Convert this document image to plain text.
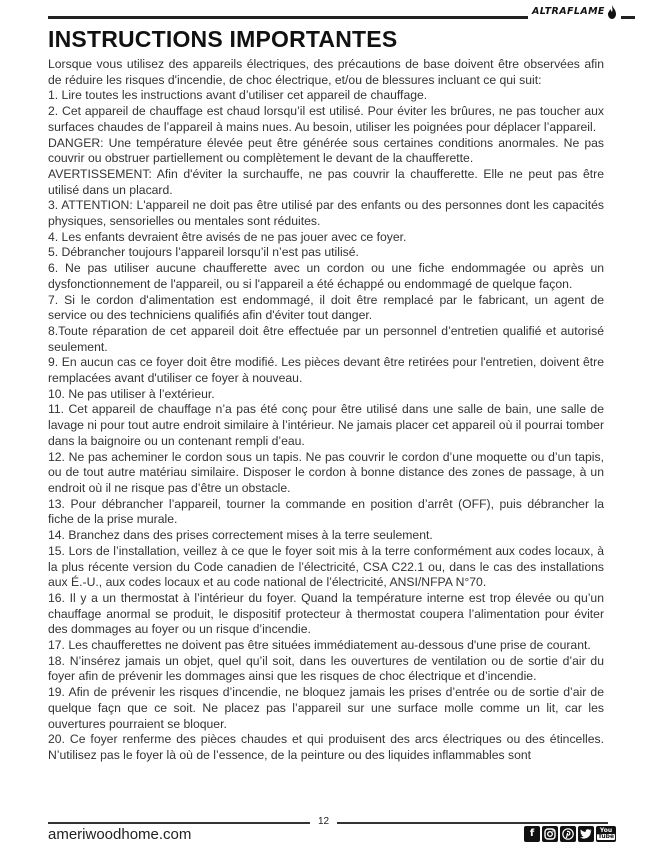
ALTRAFLAME
INSTRUCTIONS IMPORTANTES

Lorsque vous utilisez des appareils électriques, des précautions de base doivent être observées afin de réduire les risques d'incendie, de choc électrique, et/ou de blessures incluant ce qui suit:

1. Lire toutes les instructions avant d’utiliser cet appareil de chauffage.

2. Cet appareil de chauffage est chaud lorsqu’il est utilisé. Pour éviter les brûures, ne pas toucher aux surfaces chaudes de l’appareil à mains nues. Au besoin, utiliser les poignées pour déplacer l’appareil.

DANGER: Une température élevée peut être générée sous certaines conditions anormales. Ne pas couvrir ou obstruer partiellement ou complètement le devant de la chaufferette.

AVERTISSEMENT: Afin d'éviter la surchauffe, ne pas couvrir la chaufferette. Elle ne peut pas être utilisé dans un placard.

3. ATTENTION: L'appareil ne doit pas être utilisé par des enfants ou des personnes dont les capacités physiques, sensorielles ou mentales sont réduites.

4. Les enfants devraient être avisés de ne pas jouer avec ce foyer.

5. Débrancher toujours l’appareil lorsqu’il n’est pas utilisé.

6. Ne pas utiliser aucune chaufferette avec un cordon ou une fiche endommagée ou après un dysfonctionnement de l'appareil, ou si l'appareil a été échappé ou endommagé de quelque façon.

7. Si le cordon d'alimentation est endommagé, il doit être remplacé par le fabricant, un agent de service ou des techniciens qualifiés afin d'éviter tout danger.

8.Toute réparation de cet appareil doit être effectuée par un personnel d’entretien qualifié et autorisé seulement.

9. En aucun cas ce foyer doit être modifié. Les pièces devant être retirées pour l'entretien, doivent être remplacées avant d'utiliser ce foyer à nouveau.

10. Ne pas utiliser à l’extérieur.

11. Cet appareil de chauffage n’a pas été conç pour être utilisé dans une salle de bain, une salle de lavage ni pour tout autre endroit similaire à l’intérieur. Ne jamais placer cet appareil où il pourrai tomber dans la baignoire ou un contenant rempli d’eau.

12. Ne pas acheminer le cordon sous un tapis. Ne pas couvrir le cordon d’une moquette ou d’un tapis, ou de tout autre matériau similaire. Disposer le cordon à bonne distance des zones de passage, à un endroit où il ne risque pas d’être un obstacle.

13. Pour débrancher l’appareil, tourner la commande en position d’arrêt (OFF), puis débrancher la fiche de la prise murale.

14. Branchez dans des prises correctement mises à la terre seulement.

15. Lors de l’installation, veillez à ce que le foyer soit mis à la terre conformément aux codes locaux, à la plus récente version du Code canadien de l’électricité, CSA C22.1 ou, dans le cas des installations aux É.-U., aux codes locaux et au code national de l’électricité, ANSI/NFPA N°70.

16. Il y a un thermostat à l’intérieur du foyer. Quand la température interne est trop élevée ou qu’un chauffage anormal se produit, le dispositif protecteur à thermostat coupera l’alimentation pour éviter des dommages au foyer ou un risque d’incendie.

17. Les chaufferettes ne doivent pas être situées immédiatement au-dessous d'une prise de courant.

18. N’insérez jamais un objet, quel qu’il soit, dans les ouvertures de ventilation ou de sortie d’air du foyer afin de prévenir les dommages ainsi que les risques de choc électrique et d’incendie.

19. Afin de prévenir les risques d’incendie, ne bloquez jamais les prises d’entrée ou de sortie d’air de quelque façn que ce soit. Ne placez pas l’appareil sur une surface molle comme un lit, car les ouvertures pourraient se bloquer.

20. Ce foyer renferme des pièces chaudes et qui produisent des arcs électriques ou des étincelles. N’utilisez pas le foyer là où de l’essence, de la peinture ou des liquides inflammables sont

12
ameriwoodhome.com	f	You
Tube
